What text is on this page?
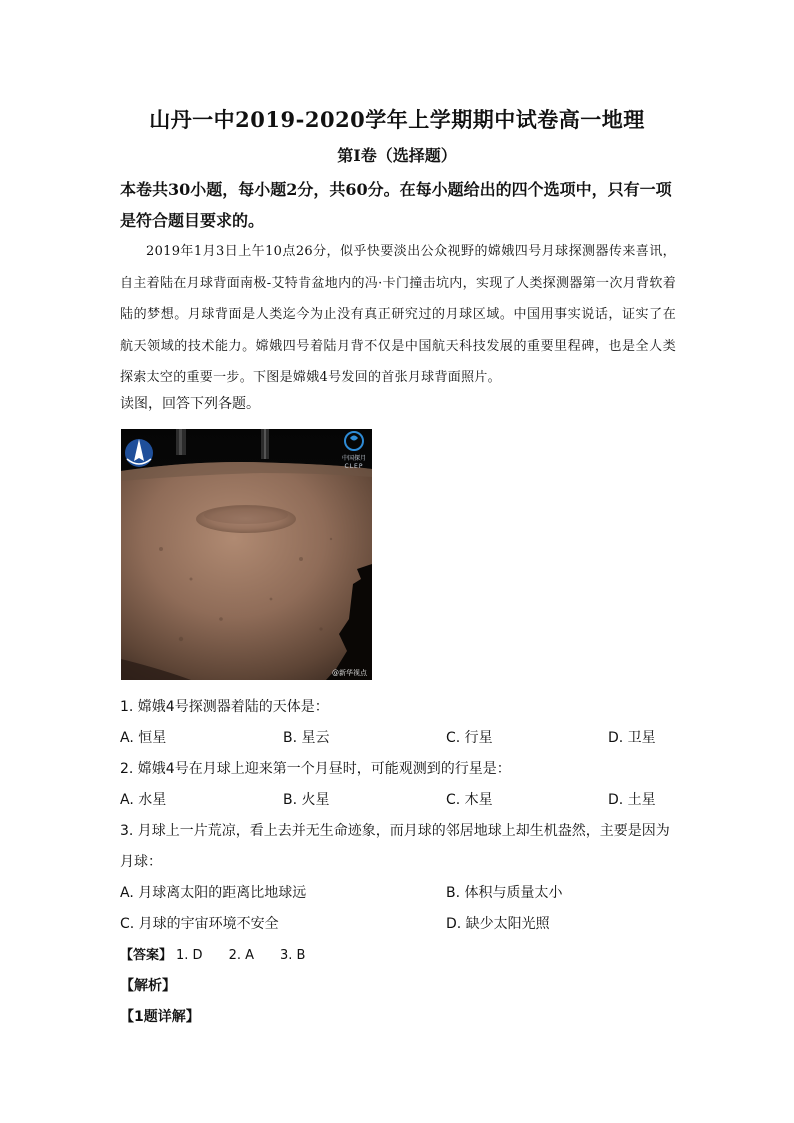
山丹一中2019-2020学年上学期期中试卷高一地理
第I卷（选择题）

本卷共30小题，每小题2分，共60分。在每小题给出的四个选项中，只有一项是符合题目要求的。

2019年1月3日上午10点26分，似乎快要淡出公众视野的嫦娥四号月球探测器传来喜讯，自主着陆在月球背面南极-艾特肯盆地内的冯·卡门撞击坑内，实现了人类探测器第一次月背软着陆的梦想。月球背面是人类迄今为止没有真正研究过的月球区域。中国用事实说话，证实了在航天领域的技术能力。嫦娥四号着陆月背不仅是中国航天科技发展的重要里程碑，也是全人类探索太空的重要一步。下图是嫦娥4号发回的首张月球背面照片。

读图，回答下列各题。
中国探月
CLEP
@新华视点
1. 嫦娥4号探测器着陆的天体是：
A. 恒星	B. 星云	C. 行星	D. 卫星
2. 嫦娥4号在月球上迎来第一个月昼时，可能观测到的行星是：
A. 水星	B. 火星	C. 木星	D. 土星
3. 月球上一片荒凉，看上去并无生命迹象，而月球的邻居地球上却生机盎然，主要是因为
月球：
A. 月球离太阳的距离比地球远	B. 体积与质量太小
C. 月球的宇宙环境不安全	D. 缺少太阳光照
【答案】 1. D 2. A 3. B
【解析】
【1题详解】
